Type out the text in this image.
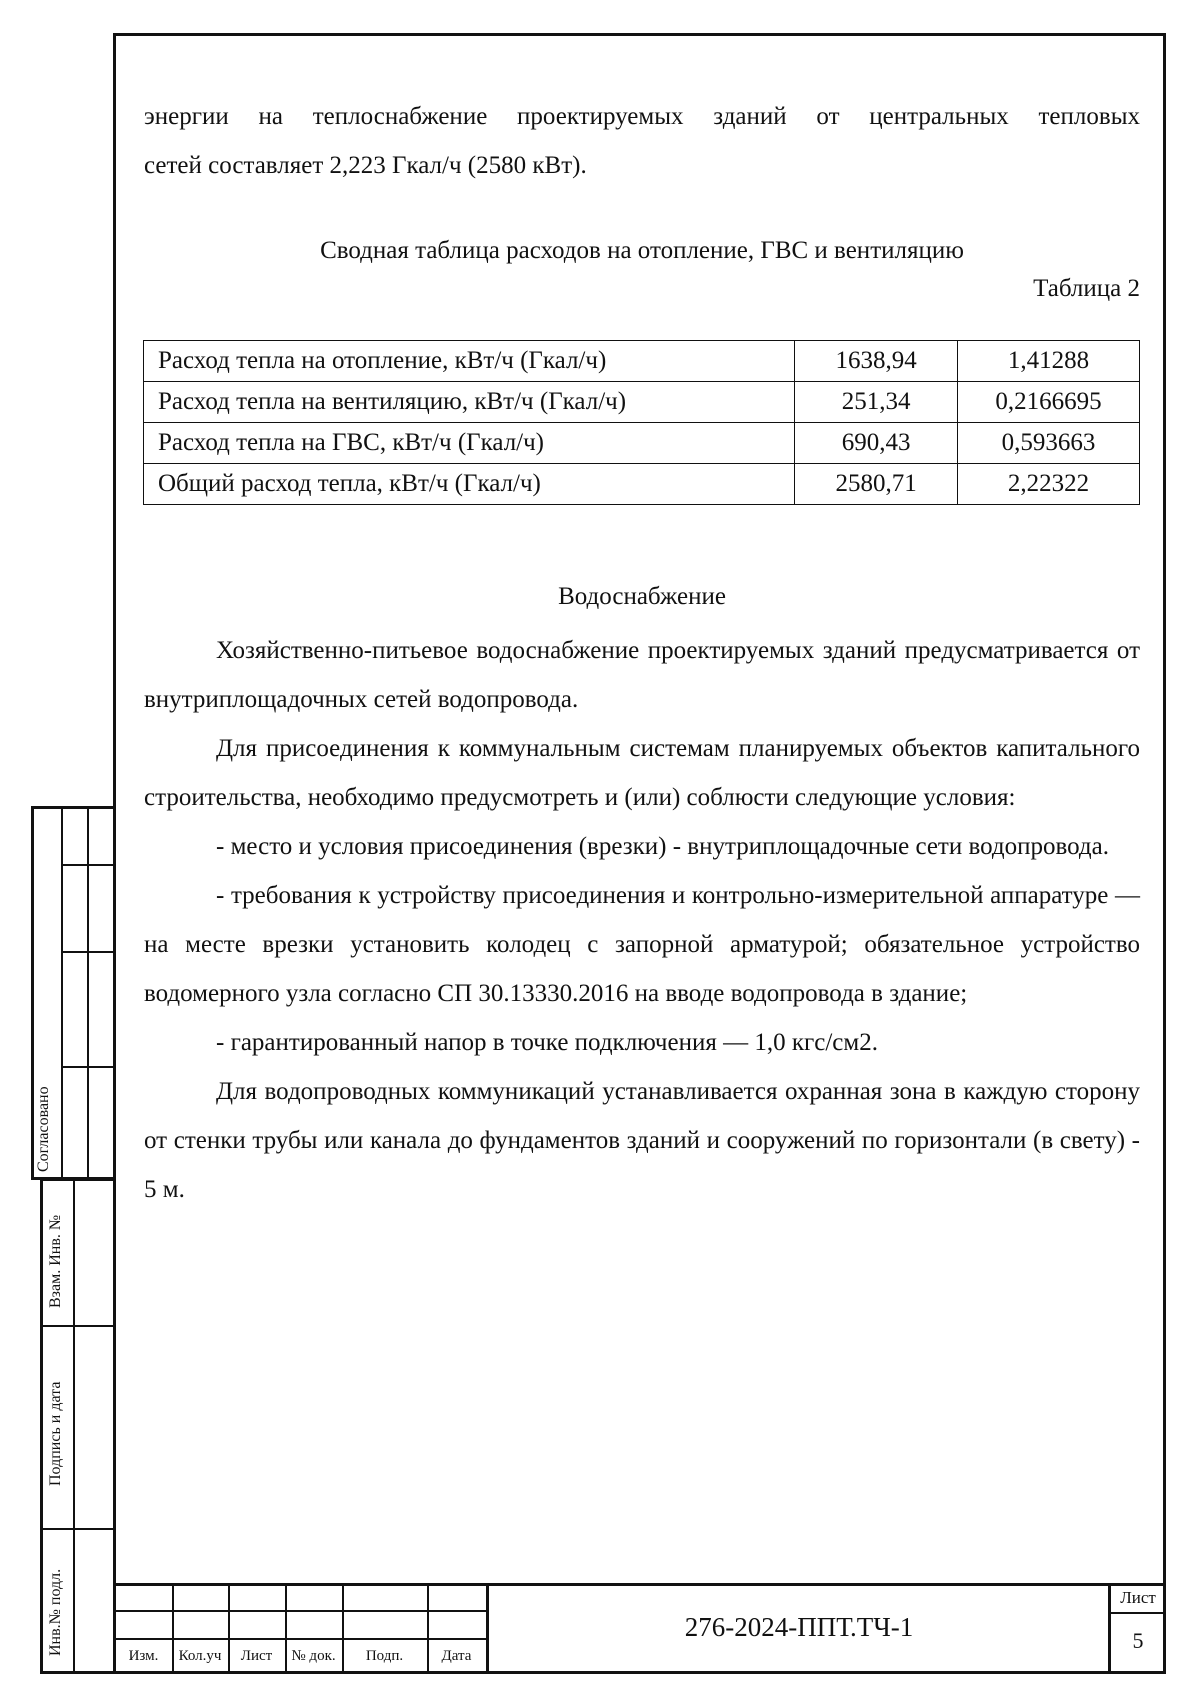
энергии на теплоснабжение проектируемых зданий от центральных тепловых

сетей составляет 2,223 Гкал/ч (2580 кВт).

Сводная таблица расходов на отопление, ГВС и вентиляцию
Таблица 2
Расход тепла на отопление, кВт/ч (Гкал/ч)	1638,94	1,41288
Расход тепла на вентиляцию, кВт/ч (Гкал/ч)	251,34	0,2166695
Расход тепла на ГВС, кВт/ч (Гкал/ч)	690,43	0,593663
Общий расход тепла, кВт/ч (Гкал/ч)	2580,71	2,22322
Водоснабжение

Хозяйственно-питьевое водоснабжение проектируемых зданий предусматривается от внутриплощадочных сетей водопровода.

Для присоединения к коммунальным системам планируемых объектов капитального строительства, необходимо предусмотреть и (или) соблюсти следующие условия:

- место и условия присоединения (врезки) - внутриплощадочные сети водопровода.

- требования к устройству присоединения и контрольно-измерительной аппаратуре — на месте врезки установить колодец с запорной арматурой; обязательное устройство водомерного узла согласно СП 30.13330.2016 на вводе водопровода в здание;

- гарантированный напор в точке подключения — 1,0 кгс/см2.

Для водопроводных коммуникаций устанавливается охранная зона в каждую сторону от стенки трубы или канала до фундаментов зданий и сооружений по горизонтали (в свету) - 5 м.

Согласовано
Взам. Инв. №
Подпись и дата
Инв.№ подл.	Изм.	Кол.уч	Лист	№ док.	Подп.	Дата
276-2024-ППТ.ТЧ-1
Лист
5
